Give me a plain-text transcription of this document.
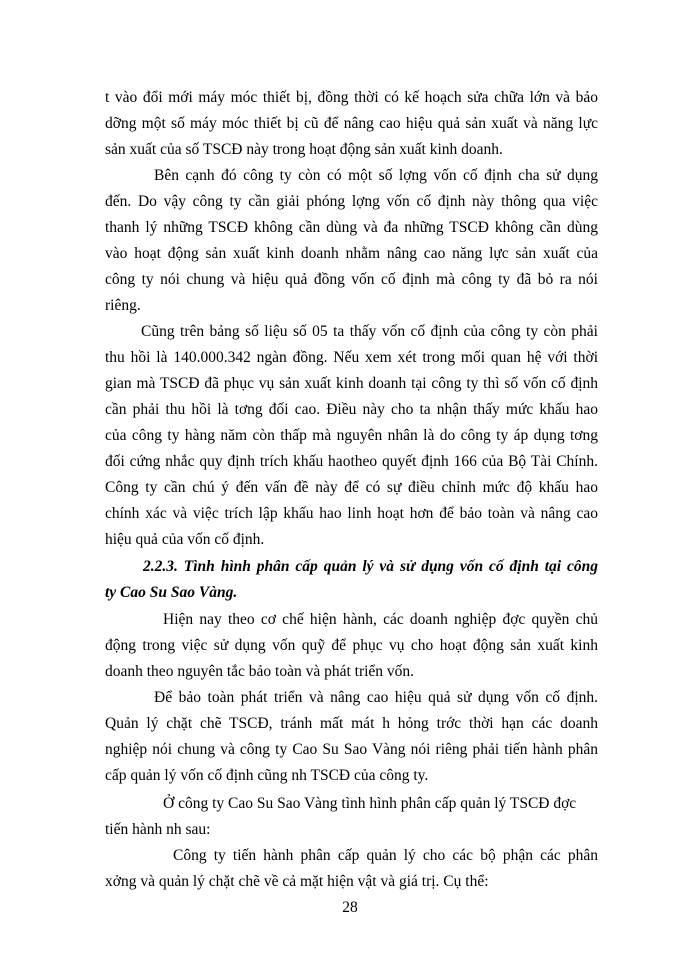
t vào đổi mới máy móc thiết bị, đồng thời có kế hoạch sửa chữa lớn và bảo
dỡng một số máy móc thiết bị cũ để nâng cao hiệu quả sản xuất và năng lực
sản xuất của số TSCĐ này trong hoạt động sản xuất kinh doanh.
Bên cạnh đó công ty còn có một số lợng vốn cố định cha sử dụng
đến. Do vậy công ty cần giải phóng lợng vốn cố định này thông qua việc
thanh lý những TSCĐ không cần dùng và đa những TSCĐ không cần dùng
vào hoạt động sản xuất kinh doanh nhằm nâng cao năng lực sản xuất của
công ty nói chung và hiệu quả đồng vốn cố định mà công ty đã bỏ ra nói
riêng.
Cũng trên bảng số liệu số 05 ta thấy vốn cố định của công ty còn phải
thu hồi là 140.000.342 ngàn đồng. Nếu xem xét trong mối quan hệ với thời
gian mà TSCĐ đã phục vụ sản xuất kinh doanh tại công ty thì số vốn cố định
cần phải thu hồi là tơng đối cao. Điều này cho ta nhận thấy mức khấu hao
của công ty hàng năm còn thấp mà nguyên nhân là do công ty áp dụng tơng
đối cứng nhắc quy định trích khấu haotheo quyết định 166 của Bộ Tài Chính.
Công ty cần chú ý đến vấn đề này để có sự điều chỉnh mức độ khấu hao
chính xác và việc trích lập khấu hao linh hoạt hơn để bảo toàn và nâng cao
hiệu quả của vốn cố định.
2.2.3. Tình hình phân cấp quản lý và sử dụng vốn cố định tại công
ty Cao Su Sao Vàng.
Hiện nay theo cơ chế hiện hành, các doanh nghiệp đợc quyền chủ
động trong việc sử dụng vốn quỹ để phục vụ cho hoạt động sản xuất kinh
doanh theo nguyên tắc bảo toàn và phát triển vốn.
Để bảo toàn phát triển và nâng cao hiệu quả sử dụng vốn cố định.
Quản lý chặt chẽ TSCĐ, tránh mất mát h hỏng trớc thời hạn các doanh
nghiệp nói chung và công ty Cao Su Sao Vàng nói riêng phải tiến hành phân
cấp quản lý vốn cố định cũng nh TSCĐ của công ty.
Ở công ty Cao Su Sao Vàng tình hình phân cấp quản lý TSCĐ đợc
tiến hành nh sau:
Công ty tiến hành phân cấp quản lý cho các bộ phận các phân
xởng và quản lý chặt chẽ về cả mặt hiện vật và giá trị. Cụ thể:
28
